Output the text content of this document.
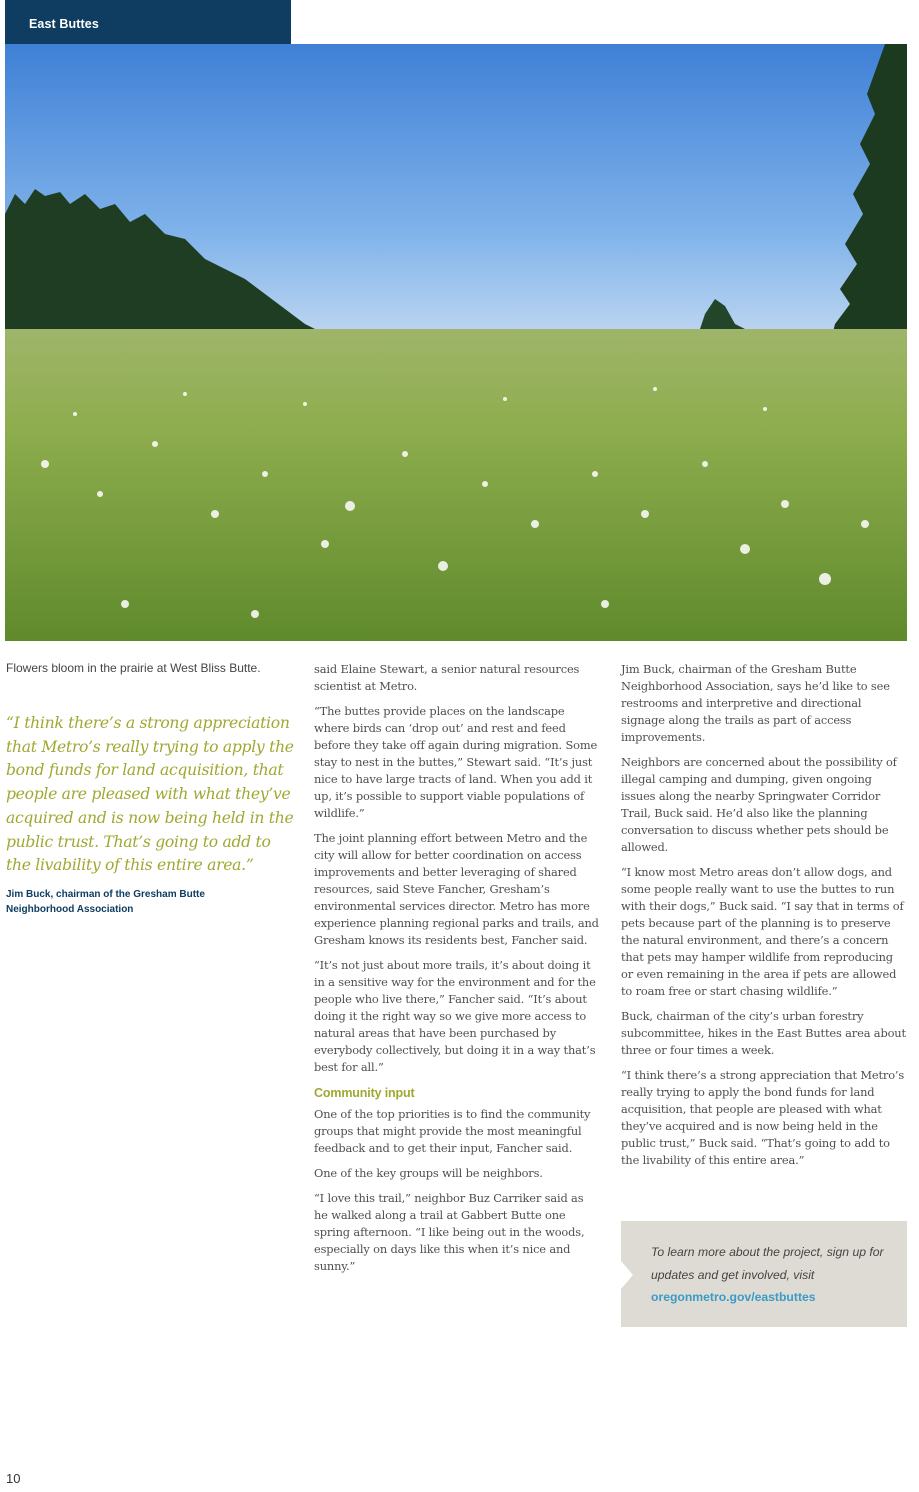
East Buttes
Flowers bloom in the prairie at West Bliss Butte.
“I think there’s a strong appreciation that Metro’s really trying to apply the bond funds for land acquisition, that people are pleased with what they’ve acquired and is now being held in the public trust. That’s going to add to the livability of this entire area.”
Jim Buck, chairman of the Gresham Butte Neighborhood Association

said Elaine Stewart, a senior natural resources scientist at Metro.

“The buttes provide places on the landscape where birds can ‘drop out’ and rest and feed before they take off again during migration. Some stay to nest in the buttes,” Stewart said. “It’s just nice to have large tracts of land. When you add it up, it’s possible to support viable populations of wildlife.”

The joint planning effort between Metro and the city will allow for better coordination on access improvements and better leveraging of shared resources, said Steve Fancher, Gresham’s environmental services director. Metro has more experience planning regional parks and trails, and Gresham knows its residents best, Fancher said.

“It’s not just about more trails, it’s about doing it in a sensitive way for the environment and for the people who live there,” Fancher said. “It’s about doing it the right way so we give more access to natural areas that have been purchased by everybody collectively, but doing it in a way that’s best for all.”

Community input

One of the top priorities is to find the community groups that might provide the most meaningful feedback and to get their input, Fancher said.

One of the key groups will be neighbors.

“I love this trail,” neighbor Buz Carriker said as he walked along a trail at Gabbert Butte one spring afternoon. “I like being out in the woods, especially on days like this when it’s nice and sunny.”

Jim Buck, chairman of the Gresham Butte Neighborhood Association, says he’d like to see restrooms and interpretive and directional signage along the trails as part of access improvements.

Neighbors are concerned about the possibility of illegal camping and dumping, given ongoing issues along the nearby Springwater Corridor Trail, Buck said. He’d also like the planning conversation to discuss whether pets should be allowed.

“I know most Metro areas don’t allow dogs, and some people really want to use the buttes to run with their dogs,” Buck said. “I say that in terms of pets because part of the planning is to preserve the natural environment, and there’s a concern that pets may hamper wildlife from reproducing or even remaining in the area if pets are allowed to roam free or start chasing wildlife.”

Buck, chairman of the city’s urban forestry subcommittee, hikes in the East Buttes area about three or four times a week.

“I think there’s a strong appreciation that Metro’s really trying to apply the bond funds for land acquisition, that people are pleased with what they’ve acquired and is now being held in the public trust,” Buck said. “That’s going to add to the livability of this entire area.”

To learn more about the project, sign up for updates and get involved, visit
oregonmetro.gov/eastbuttes
10
